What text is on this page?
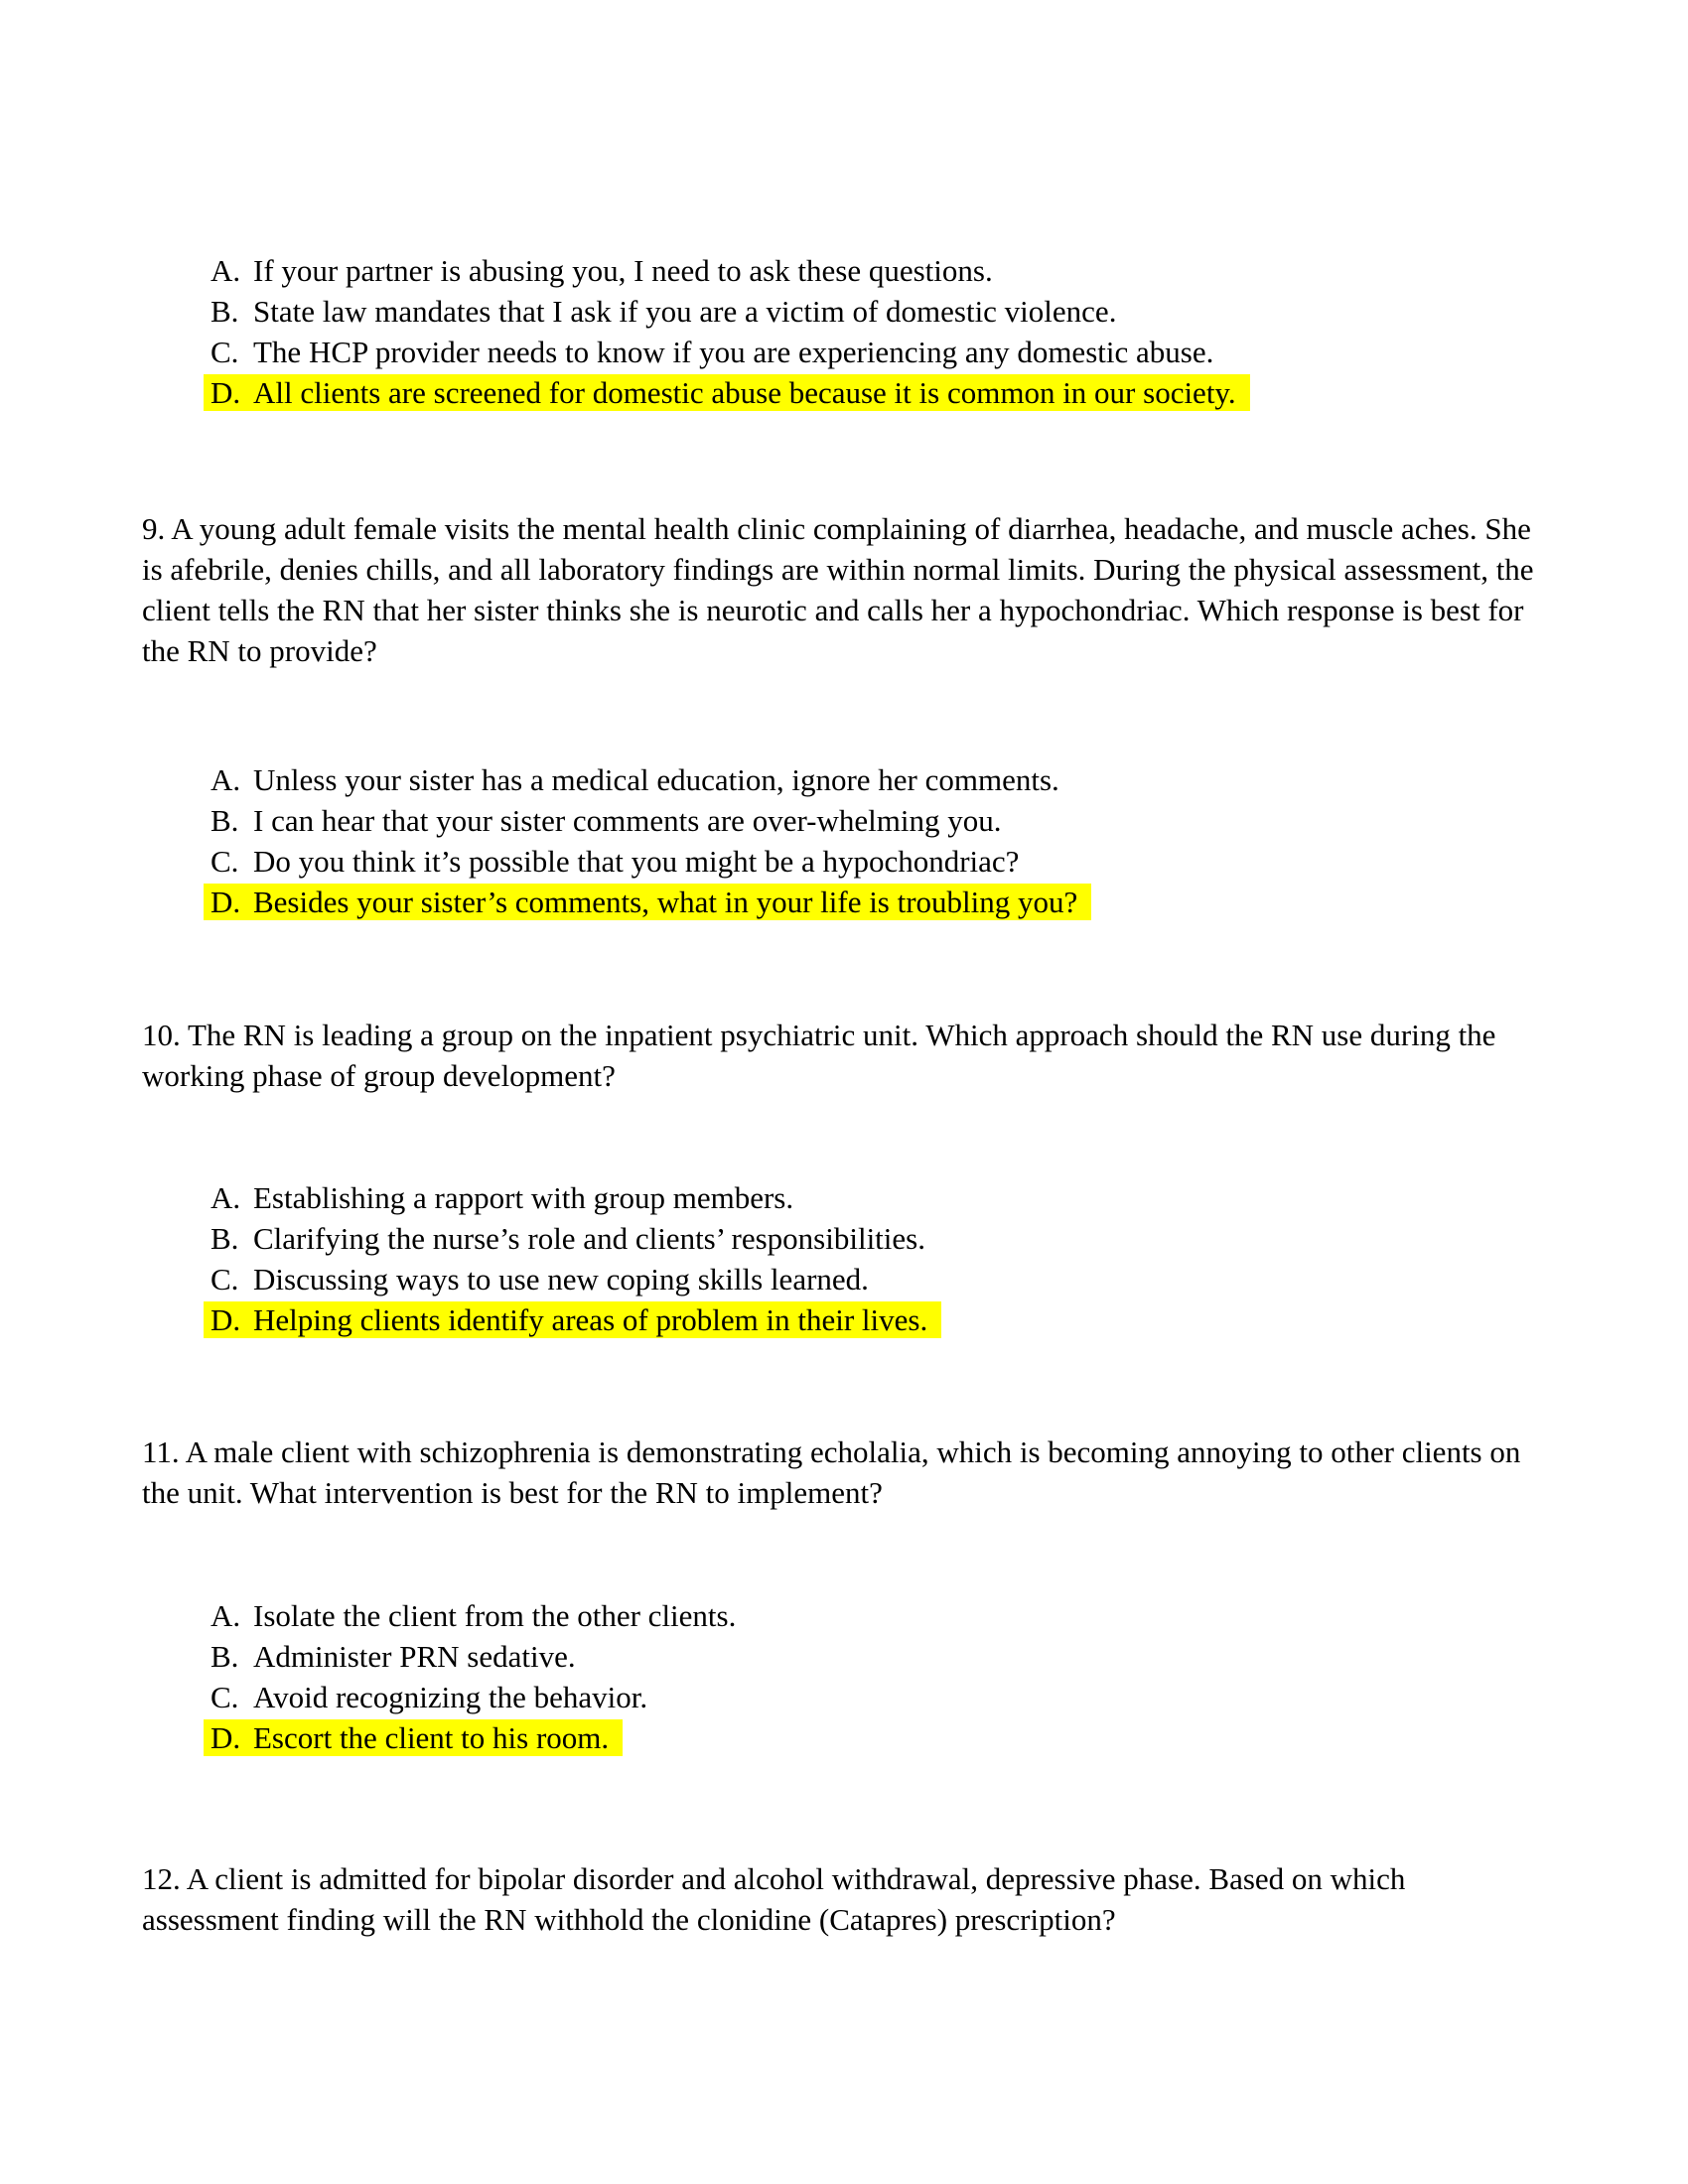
A. If your partner is abusing you, I need to ask these questions.
B. State law mandates that I ask if you are a victim of domestic violence.
C. The HCP provider needs to know if you are experiencing any domestic abuse.
D. All clients are screened for domestic abuse because it is common in our society.
9. A young adult female visits the mental health clinic complaining of diarrhea, headache, and muscle aches. She is afebrile, denies chills, and all laboratory findings are within normal limits. During the physical assessment, the client tells the RN that her sister thinks she is neurotic and calls her a hypochondriac. Which response is best for the RN to provide?
A. Unless your sister has a medical education, ignore her comments.
B. I can hear that your sister comments are over-whelming you.
C. Do you think it’s possible that you might be a hypochondriac?
D. Besides your sister’s comments, what in your life is troubling you?
10. The RN is leading a group on the inpatient psychiatric unit. Which approach should the RN use during the working phase of group development?
A. Establishing a rapport with group members.
B. Clarifying the nurse’s role and clients’ responsibilities.
C. Discussing ways to use new coping skills learned.
D. Helping clients identify areas of problem in their lives.
11. A male client with schizophrenia is demonstrating echolalia, which is becoming annoying to other clients on the unit. What intervention is best for the RN to implement?
A. Isolate the client from the other clients.
B. Administer PRN sedative.
C. Avoid recognizing the behavior.
D. Escort the client to his room.
12. A client is admitted for bipolar disorder and alcohol withdrawal, depressive phase. Based on which assessment finding will the RN withhold the clonidine (Catapres) prescription?
